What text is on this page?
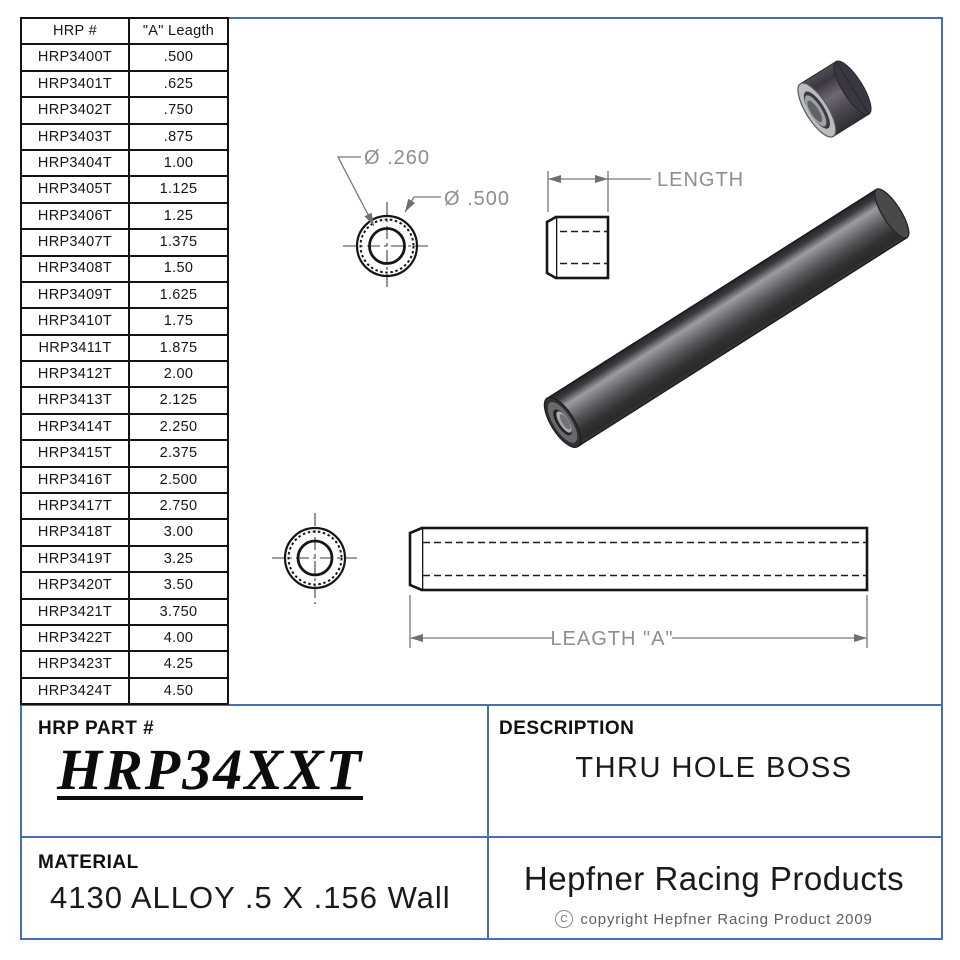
HRP #	"A" Leagth
HRP3400T	.500
HRP3401T	.625
HRP3402T	.750
HRP3403T	.875
HRP3404T	1.00
HRP3405T	1.125
HRP3406T	1.25
HRP3407T	1.375
HRP3408T	1.50
HRP3409T	1.625
HRP3410T	1.75
HRP3411T	1.875
HRP3412T	2.00
HRP3413T	2.125
HRP3414T	2.250
HRP3415T	2.375
HRP3416T	2.500
HRP3417T	2.750
HRP3418T	3.00
HRP3419T	3.25
HRP3420T	3.50
HRP3421T	3.750
HRP3422T	4.00
HRP3423T	4.25
HRP3424T	4.50
Ø .260
Ø .500
LENGTH
LEAGTH "A"
HRP PART #
HRP34XXT
DESCRIPTION
THRU HOLE BOSS
MATERIAL
4130 ALLOY .5 X .156 Wall
Hepfner Racing Products
C copyright Hepfner Racing Product 2009
